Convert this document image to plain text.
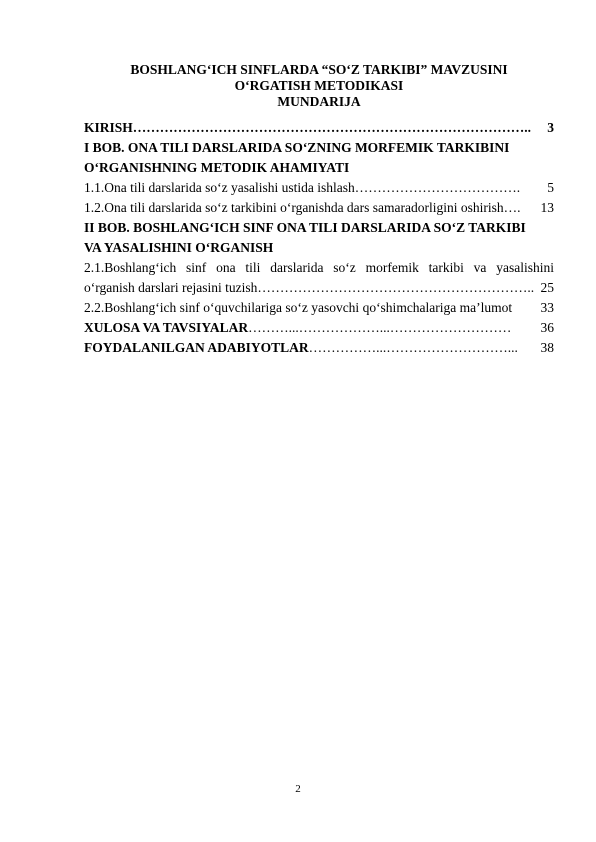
BOSHLANG‘ICH SINFLARDA “SO‘Z TARKIBI” MAVZUSINI
O‘RGATISH METODIKASI
MUNDARIJA
KIRISH ……………………………………………………………………………..	3
I BOB. ONA TILI DARSLARIDA SO‘ZNING MORFEMIK TARKIBINI
O‘RGANISHNING METODIK AHAMIYATI
1.1.Ona tili darslarida so‘z yasalishi ustida ishlash ……………………………….	5
1.2.Ona tili darslarida so‘z tarkibini o‘rganishda dars samaradorligini oshirish ….	13
II BOB. BOSHLANG‘ICH SINF ONA TILI DARSLARIDA SO‘Z TARKIBI
VA YASALISHINI O‘RGANISH
2.1.Boshlang‘ich sinf ona tili darslarida so‘z morfemik tarkibi va yasalishini
o‘rganish darslari rejasini tuzish …………………………………………………….. 25
2.2.Boshlang‘ich sinf o‘quvchilariga so‘z yasovchi qo‘shimchalariga ma’lumot 33
XULOSA VA TAVSIYALAR ………...………………...………………………	36
FOYDALANILGAN ADABIYOTLAR ……………...………………………...	38
2
